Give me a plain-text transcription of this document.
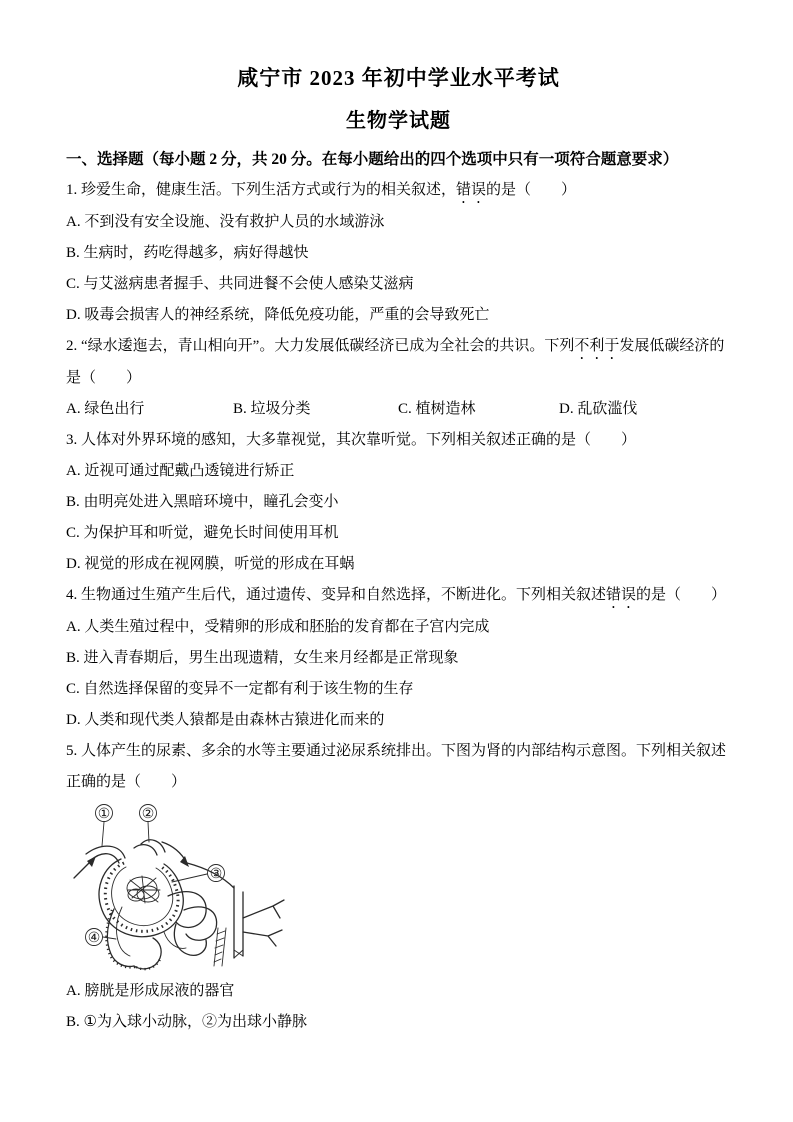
咸宁市 2023 年初中学业水平考试
生物学试题
一、选择题（每小题 2 分，共 20 分。在每小题给出的四个选项中只有一项符合题意要求）
1. 珍爱生命，健康生活。下列生活方式或行为的相关叙述，错误的是（　　）
A. 不到没有安全设施、没有救护人员的水域游泳
B. 生病时，药吃得越多，病好得越快
C. 与艾滋病患者握手、共同进餐不会使人感染艾滋病
D. 吸毒会损害人的神经系统，降低免疫功能，严重的会导致死亡
2. “绿水逶迤去，青山相向开”。大力发展低碳经济已成为全社会的共识。下列不利于发展低碳经济的是（　　）
A. 绿色出行	B. 垃圾分类	C. 植树造林	D. 乱砍滥伐
3. 人体对外界环境的感知，大多靠视觉，其次靠听觉。下列相关叙述正确的是（　　）
A. 近视可通过配戴凸透镜进行矫正
B. 由明亮处进入黑暗环境中，瞳孔会变小
C. 为保护耳和听觉，避免长时间使用耳机
D. 视觉的形成在视网膜，听觉的形成在耳蜗
4. 生物通过生殖产生后代，通过遗传、变异和自然选择，不断进化。下列相关叙述错误的是（　　）
A. 人类生殖过程中，受精卵的形成和胚胎的发育都在子宫内完成
B. 进入青春期后，男生出现遗精，女生来月经都是正常现象
C. 自然选择保留的变异不一定都有利于该生物的生存
D. 人类和现代类人猿都是由森林古猿进化而来的
5. 人体产生的尿素、多余的水等主要通过泌尿系统排出。下图为肾的内部结构示意图。下列相关叙述正确的是（　　）
① ②
③
④
A. 膀胱是形成尿液的器官
B. ①为入球小动脉，②为出球小静脉
